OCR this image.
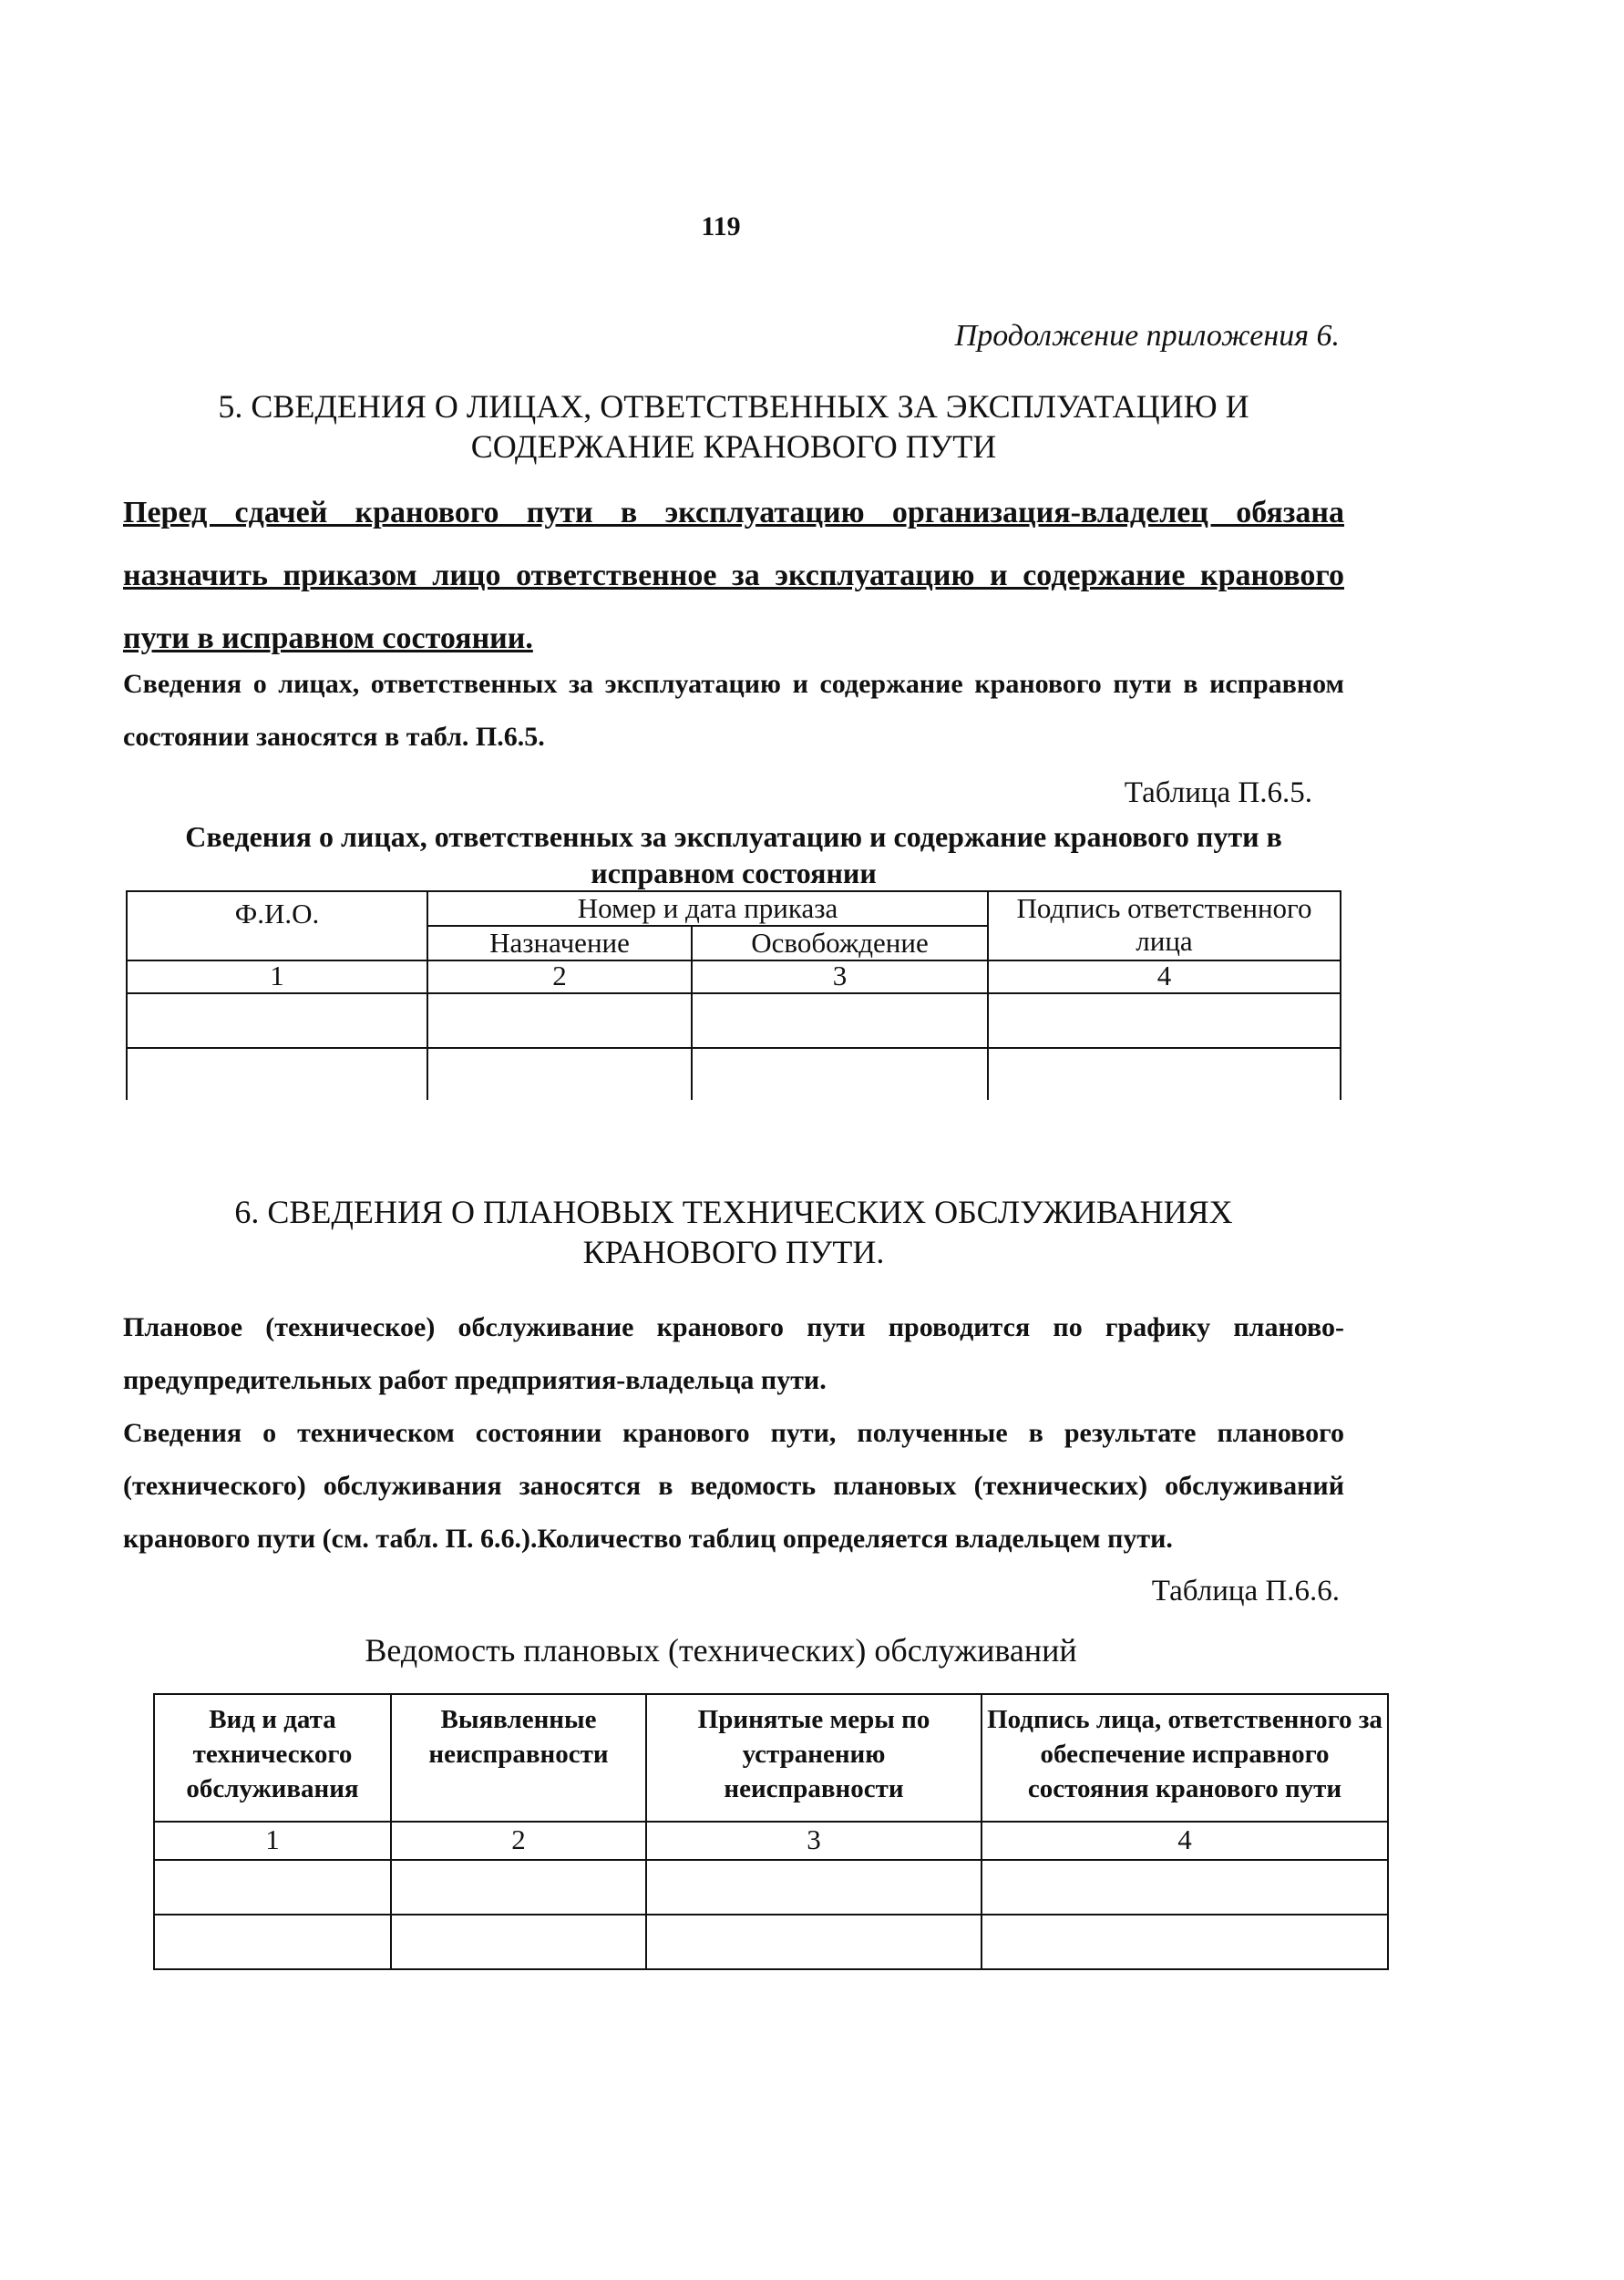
119
Продолжение приложения 6.
5. СВЕДЕНИЯ О ЛИЦАХ, ОТВЕТСТВЕННЫХ ЗА ЭКСПЛУАТАЦИЮ И
СОДЕРЖАНИЕ КРАНОВОГО ПУТИ
Перед сдачей кранового пути в эксплуатацию организация-владелец обязана назначить приказом лицо ответственное за эксплуатацию и содержание кранового пути в исправном состоянии.
Сведения о лицах, ответственных за эксплуатацию и содержание кранового пути в исправном состоянии заносятся в табл. П.6.5.
Таблица П.6.5.
Сведения о лицах, ответственных за эксплуатацию и содержание кранового пути в исправном состоянии
Ф.И.О.	Номер и дата приказа		Подпись ответственного лица
	Назначение	Освобождение	
1	2	3	4

6. СВЕДЕНИЯ О ПЛАНОВЫХ ТЕХНИЧЕСКИХ ОБСЛУЖИВАНИЯХ
КРАНОВОГО ПУТИ.
Плановое (техническое) обслуживание кранового пути проводится по графику планово-предупредительных работ предприятия-владельца пути.
Сведения о техническом состоянии кранового пути, полученные в результате планового (технического) обслуживания заносятся в ведомость плановых (технических) обслуживаний кранового пути (см. табл. П. 6.6.).Количество таблиц определяется владельцем пути.
Таблица П.6.6.
Ведомость плановых (технических) обслуживаний
Вид и дата технического обслуживания	Выявленные неисправности	Принятые меры по устранению неисправности	Подпись лица, ответственного за обеспечение исправного состояния кранового пути
1	2	3	4
